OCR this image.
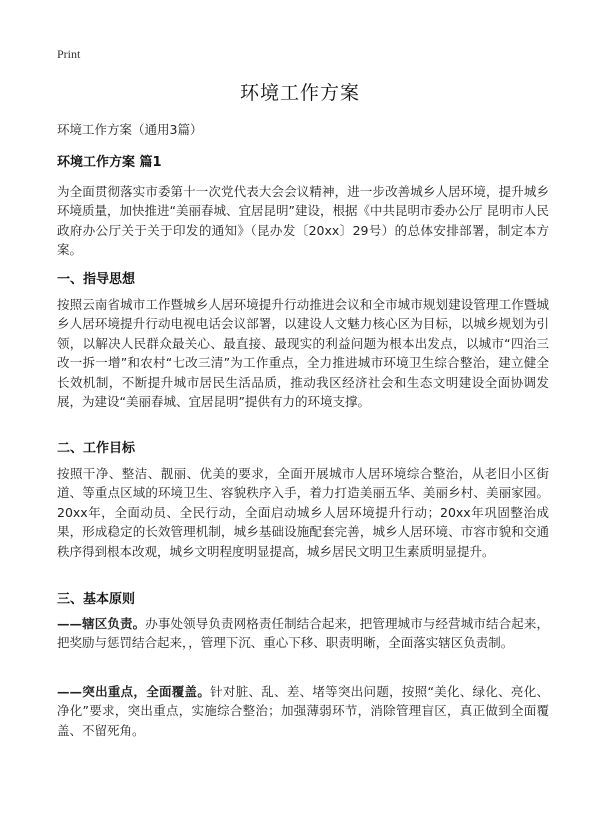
Print
环境工作方案
环境工作方案（通用3篇）
环境工作方案 篇1
为全面贯彻落实市委第十一次党代表大会会议精神，进一步改善城乡人居环境，提升城乡环境质量，加快推进“美丽春城、宜居昆明”建设，根据《中共昆明市委办公厅 昆明市人民政府办公厅关于关于印发的通知》（昆办发〔20xx〕29号）的总体安排部署，制定本方案。
一、指导思想
按照云南省城市工作暨城乡人居环境提升行动推进会议和全市城市规划建设管理工作暨城乡人居环境提升行动电视电话会议部署，以建设人文魅力核心区为目标，以城乡规划为引领，以解决人民群众最关心、最直接、最现实的利益问题为根本出发点，以城市“四治三改一拆一增”和农村“七改三清”为工作重点，全力推进城市环境卫生综合整治，建立健全长效机制，不断提升城市居民生活品质，推动我区经济社会和生态文明建设全面协调发展，为建设“美丽春城、宜居昆明”提供有力的环境支撑。
二、工作目标
按照干净、整洁、靓丽、优美的要求，全面开展城市人居环境综合整治，从老旧小区街道、等重点区域的环境卫生、容貌秩序入手，着力打造美丽五华、美丽乡村、美丽家园。20xx年，全面动员、全民行动，全面启动城乡人居环境提升行动；20xx年巩固整治成果，形成稳定的长效管理机制，城乡基础设施配套完善，城乡人居环境、市容市貌和交通秩序得到根本改观，城乡文明程度明显提高，城乡居民文明卫生素质明显提升。
三、基本原则
——辖区负责。办事处领导负责网格责任制结合起来，把管理城市与经营城市结合起来，把奖励与惩罚结合起来，，管理下沉、重心下移、职责明晰，全面落实辖区负责制。
——突出重点，全面覆盖。针对脏、乱、差、堵等突出问题，按照“美化、绿化、亮化、净化”要求，突出重点，实施综合整治；加强薄弱环节，消除管理盲区，真正做到全面覆盖、不留死角。
